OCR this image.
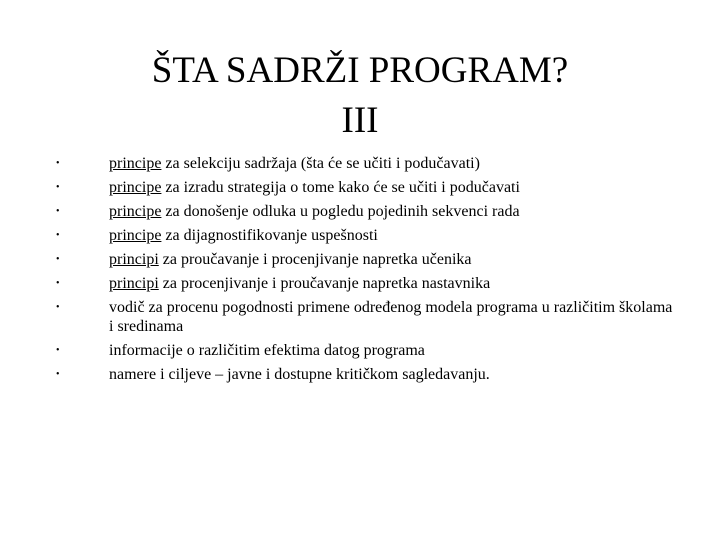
ŠTA SADRŽI PROGRAM?
III
•	principe za selekciju sadržaja (šta će se učiti i podučavati)
•	principe za izradu strategija o tome kako će se učiti i podučavati
•	principe za donošenje odluka u pogledu pojedinih sekvenci rada
•	principe za dijagnostifikovanje uspešnosti
•	principi za proučavanje i procenjivanje napretka učenika
•	principi za procenjivanje i proučavanje napretka nastavnika
•	vodič za procenu pogodnosti primene određenog modela programa u različitim školama i sredinama
•	informacije o različitim efektima datog programa
•	namere i ciljeve – javne i dostupne kritičkom sagledavanju.
